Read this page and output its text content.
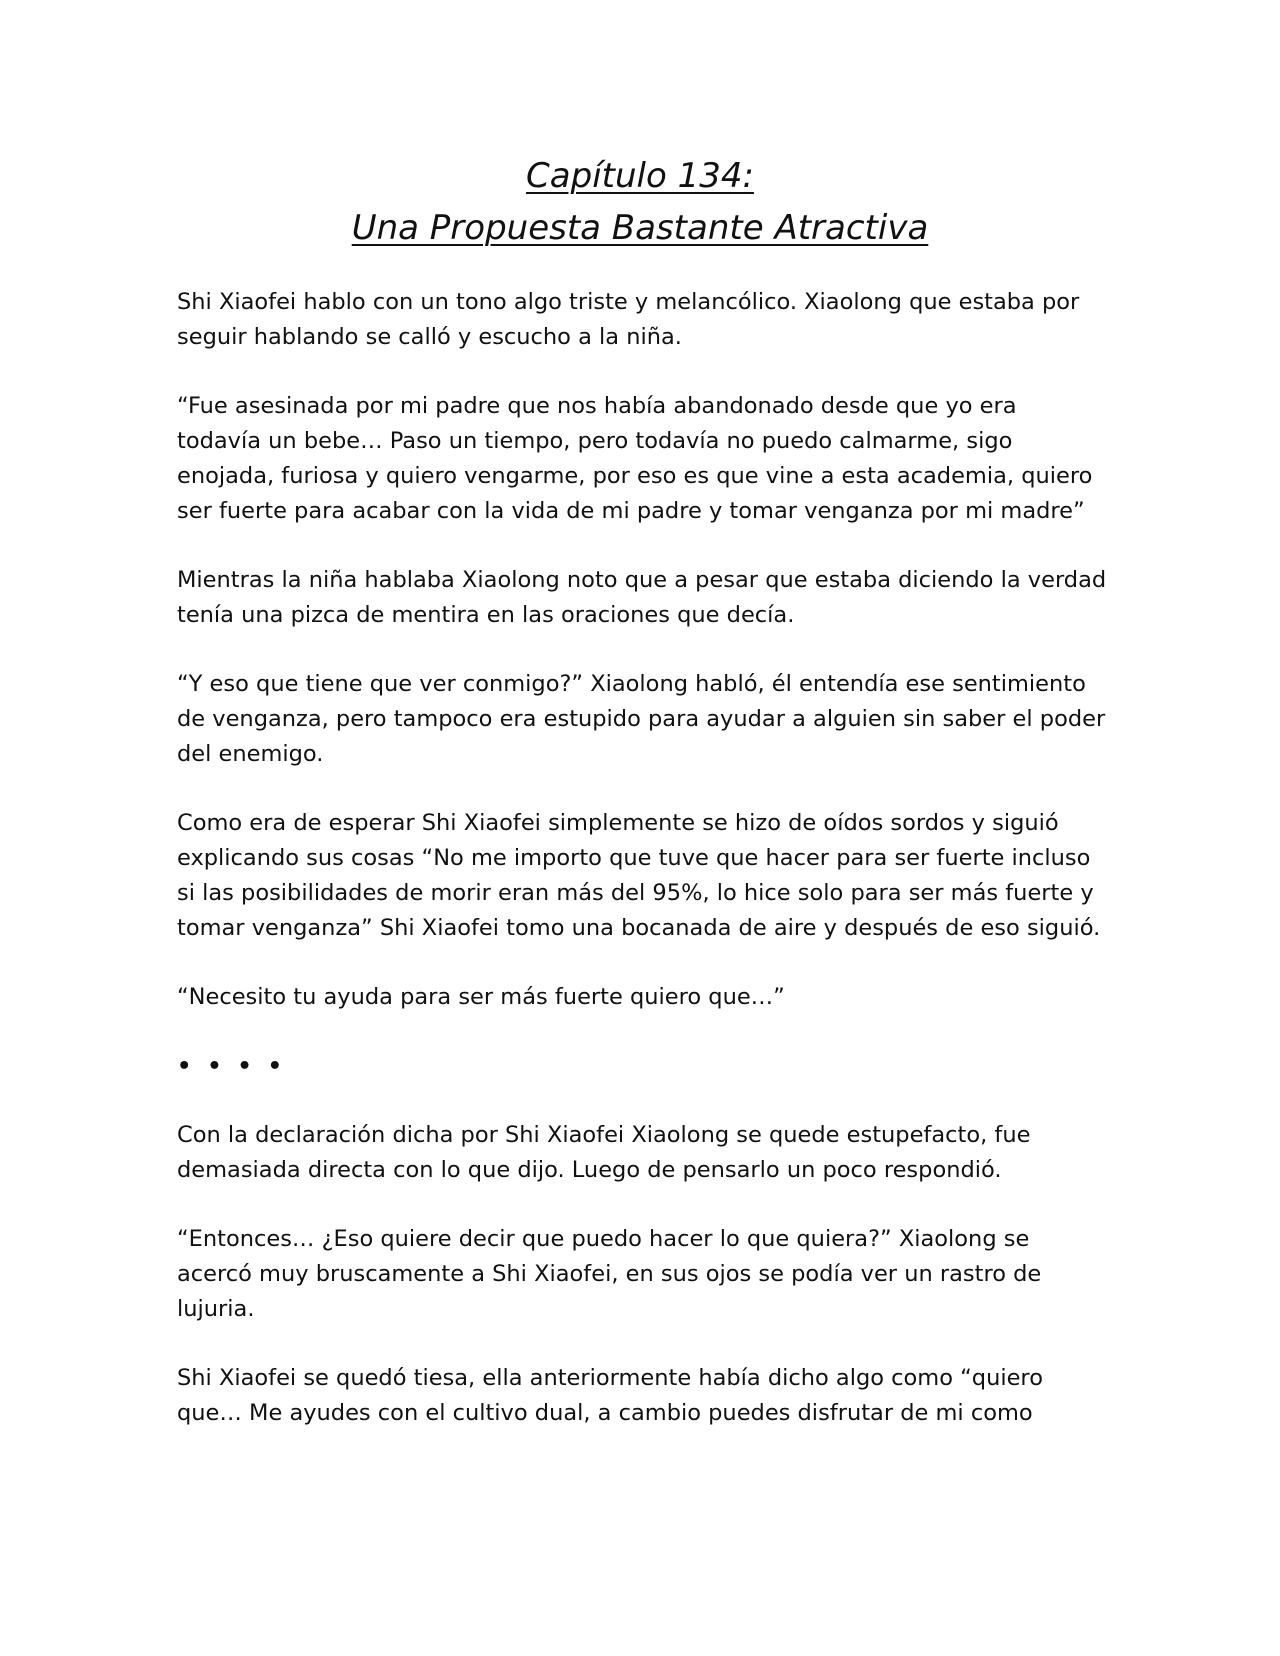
Capítulo 134:
Una Propuesta Bastante Atractiva

Shi Xiaofei hablo con un tono algo triste y melancólico. Xiaolong que estaba por seguir hablando se calló y escucho a la niña.

“Fue asesinada por mi padre que nos había abandonado desde que yo era todavía un bebe… Paso un tiempo, pero todavía no puedo calmarme, sigo enojada, furiosa y quiero vengarme, por eso es que vine a esta academia, quiero ser fuerte para acabar con la vida de mi padre y tomar venganza por mi madre”

Mientras la niña hablaba Xiaolong noto que a pesar que estaba diciendo la verdad tenía una pizca de mentira en las oraciones que decía.

“Y eso que tiene que ver conmigo?” Xiaolong habló, él entendía ese sentimiento de venganza, pero tampoco era estupido para ayudar a alguien sin saber el poder del enemigo.

Como era de esperar Shi Xiaofei simplemente se hizo de oídos sordos y siguió explicando sus cosas “No me importo que tuve que hacer para ser fuerte incluso si las posibilidades de morir eran más del 95%, lo hice solo para ser más fuerte y tomar venganza” Shi Xiaofei tomo una bocanada de aire y después de eso siguió.

“Necesito tu ayuda para ser más fuerte quiero que…”

• • • •

Con la declaración dicha por Shi Xiaofei Xiaolong se quede estupefacto, fue demasiada directa con lo que dijo. Luego de pensarlo un poco respondió.

“Entonces… ¿Eso quiere decir que puedo hacer lo que quiera?” Xiaolong se acercó muy bruscamente a Shi Xiaofei, en sus ojos se podía ver un rastro de lujuria.

Shi Xiaofei se quedó tiesa, ella anteriormente había dicho algo como “quiero que… Me ayudes con el cultivo dual, a cambio puedes disfrutar de mi como
